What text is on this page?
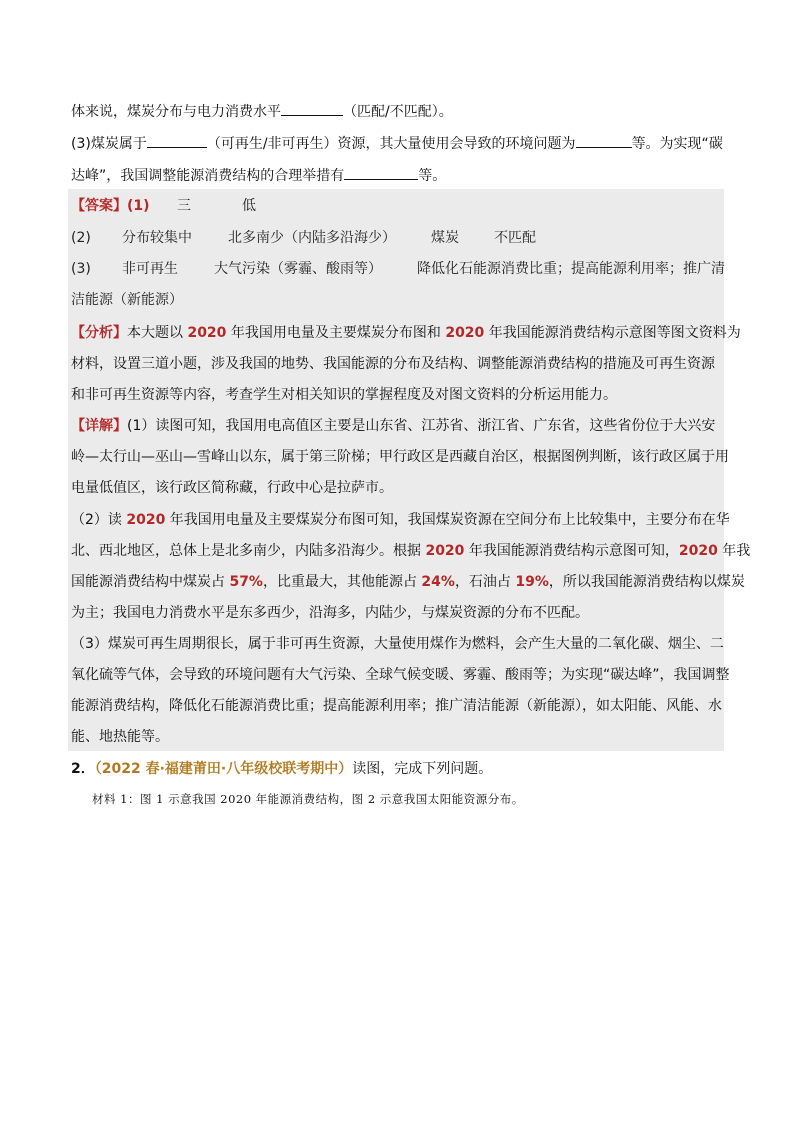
体来说，煤炭分布与电力消费水平	（匹配/不匹配）。
(3)煤炭属于	（可再生/非可再生）资源，其大量使用会导致的环境问题为	等。为实现“碳
达峰”，我国调整能源消费结构的合理举措有	等。
【答案】(1) 三	低
(2) 分布较集中	北多南少（内陆多沿海少）	煤炭	不匹配
(3) 非可再生	大气污染（雾霾、酸雨等）	降低化石能源消费比重；提高能源利用率；推广清
洁能源（新能源）
【分析】本大题以 2020 年我国用电量及主要煤炭分布图和 2020 年我国能源消费结构示意图等图文资料为
材料，设置三道小题，涉及我国的地势、我国能源的分布及结构、调整能源消费结构的措施及可再生资源
和非可再生资源等内容，考查学生对相关知识的掌握程度及对图文资料的分析运用能力。
【详解】(1）读图可知，我国用电高值区主要是山东省、江苏省、浙江省、广东省，这些省份位于大兴安
岭—太行山—巫山—雪峰山以东，属于第三阶梯；甲行政区是西藏自治区，根据图例判断，该行政区属于用
电量低值区，该行政区简称藏，行政中心是拉萨市。
（2）读 2020 年我国用电量及主要煤炭分布图可知，我国煤炭资源在空间分布上比较集中，主要分布在华
北、西北地区，总体上是北多南少，内陆多沿海少。根据 2020 年我国能源消费结构示意图可知，2020 年我
国能源消费结构中煤炭占 57%，比重最大，其他能源占 24%，石油占 19%，所以我国能源消费结构以煤炭
为主；我国电力消费水平是东多西少，沿海多，内陆少，与煤炭资源的分布不匹配。
（3）煤炭可再生周期很长，属于非可再生资源，大量使用煤作为燃料，会产生大量的二氧化碳、烟尘、二
氧化硫等气体，会导致的环境问题有大气污染、全球气候变暖、雾霾、酸雨等；为实现“碳达峰”，我国调整
能源消费结构，降低化石能源消费比重；提高能源利用率；推广清洁能源（新能源），如太阳能、风能、水
能、地热能等。
2．（2022 春·福建莆田·八年级校联考期中）读图，完成下列问题。
材料 1：图 1 示意我国 2020 年能源消费结构，图 2 示意我国太阳能资源分布。
